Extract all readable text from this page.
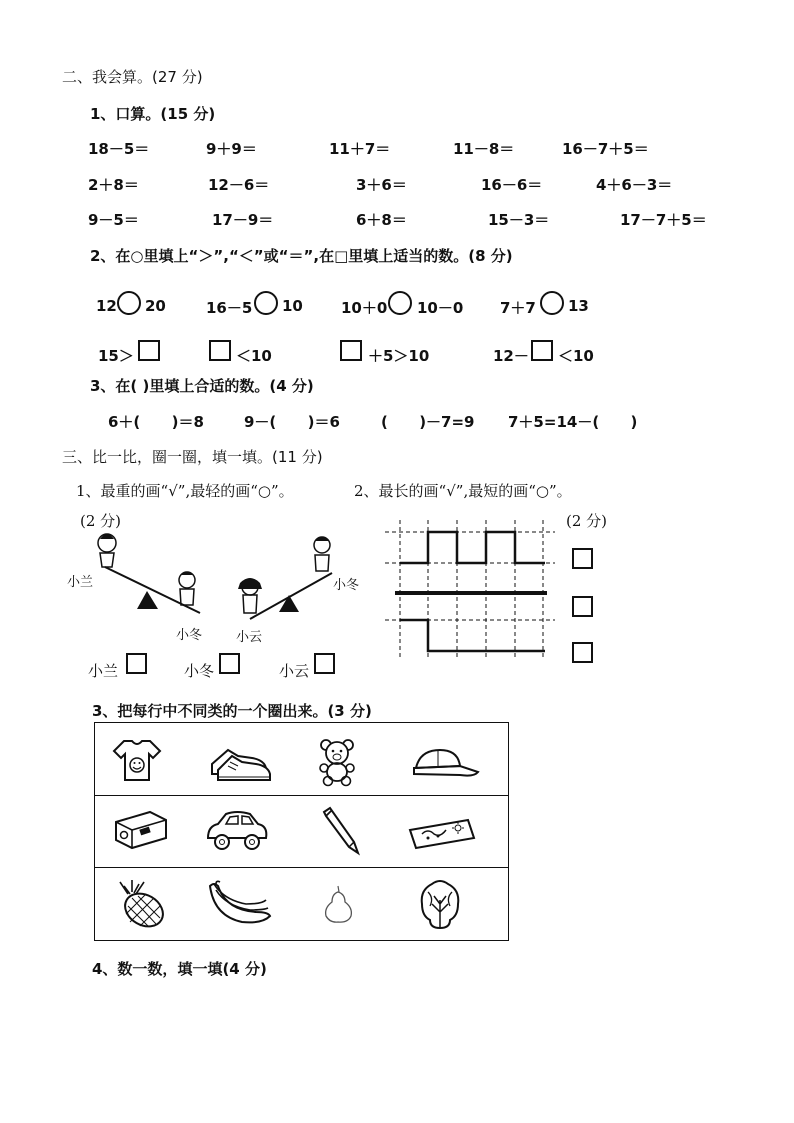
二、我会算。(27 分)
1、口算。(15 分)
18－5＝	9＋9＝	11＋7＝	11－8＝	16－7＋5＝
2＋8＝	12－6＝	3＋6＝	16－6＝	4＋6－3＝
9－5＝	17－9＝	6＋8＝	15－3＝	17－7＋5＝
2、在○里填上“＞”,“＜”或“＝”,在□里填上适当的数。(8 分)
12 20	16－5 10	10＋0 10－0 7＋7 13
15＞	＜10	＋5＞10	12－ ＜10
3、在( )里填上合适的数。(4 分)
6＋(      )＝8	9－(      )＝6	(      )－7=9 7＋5=14－(      )
三、比一比，圈一圈，填一填。(11 分)
1、最重的画“√”,最轻的画“○”。	2、最长的画“√”,最短的画“○”。
(2 分)	(2 分)
小兰
小冬	小云
小冬
小兰	小冬	小云
3、把每行中不同类的一个圈出来。(3 分)
4、数一数，填一填(4 分)
